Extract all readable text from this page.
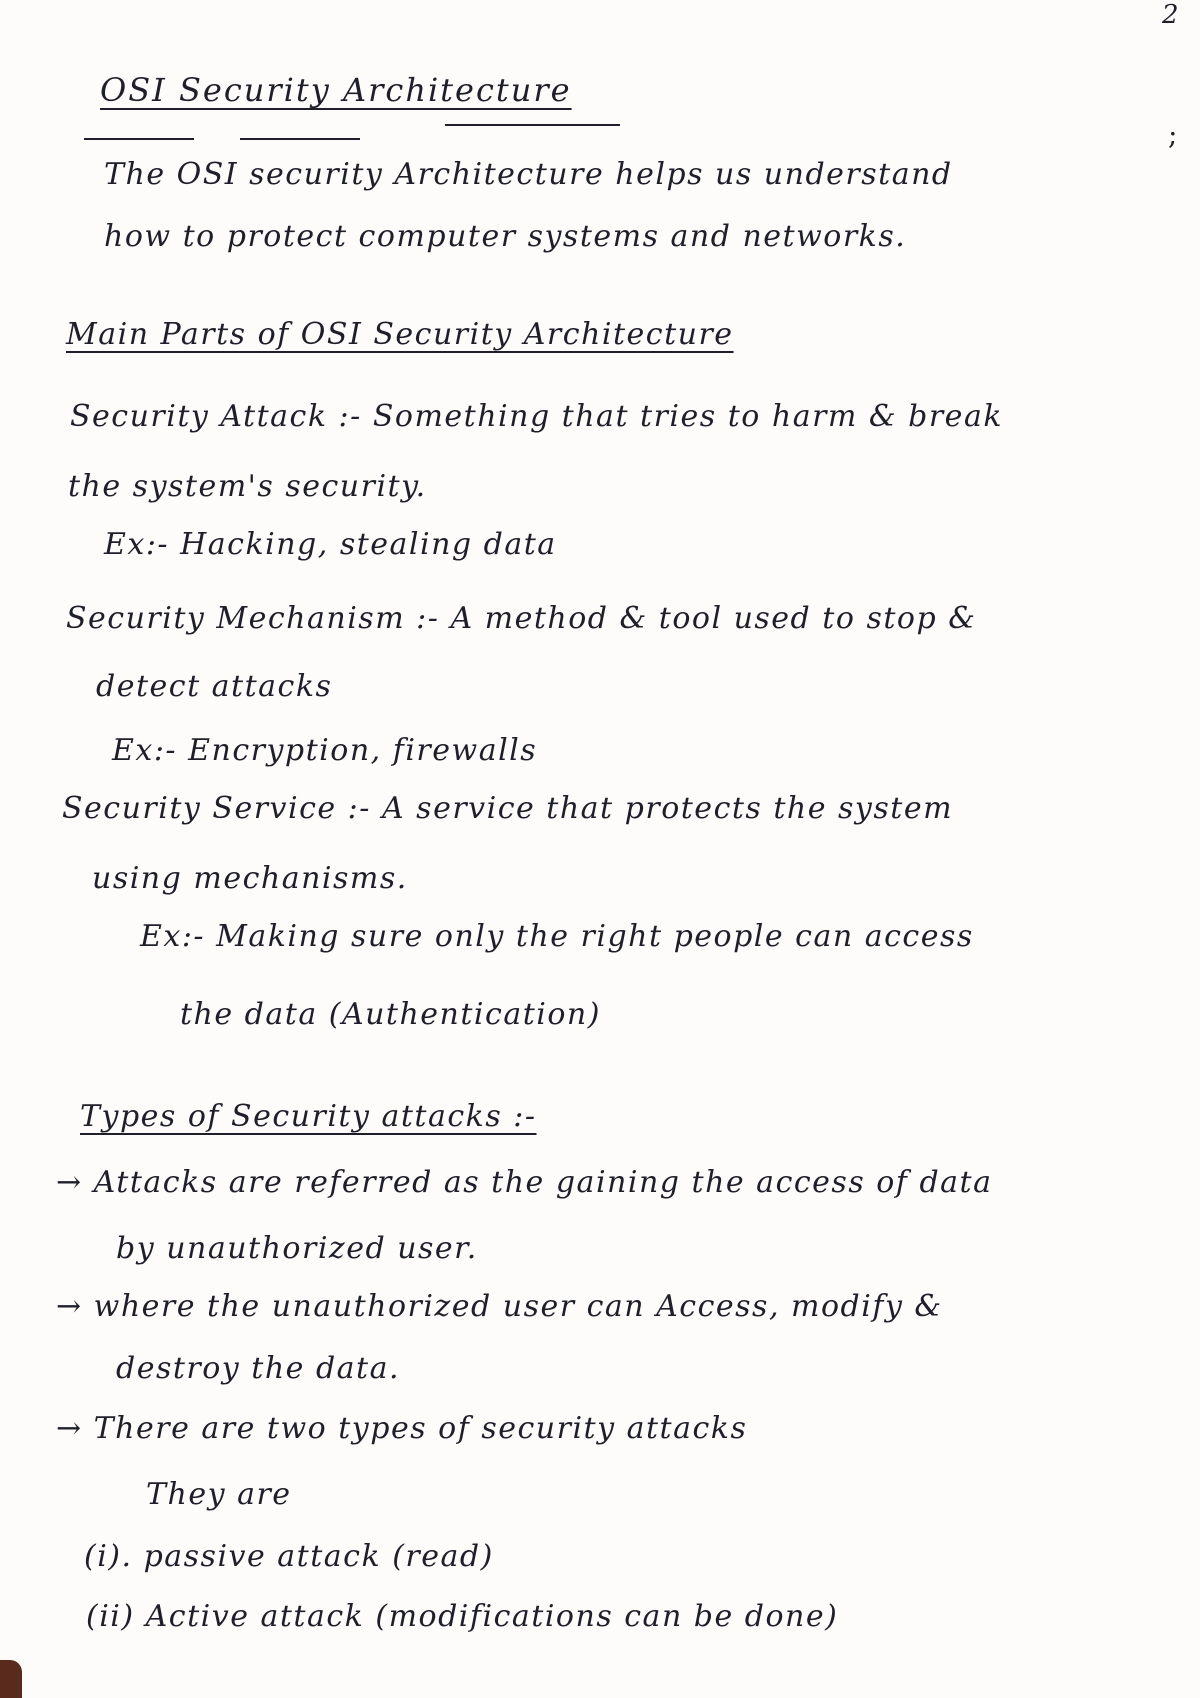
2
;
OSI Security Architecture
The OSI security Architecture helps us understand
how to protect computer systems and networks.
Main Parts of OSI Security Architecture
Security Attack :- Something that tries to harm & break
the system's security.
Ex:- Hacking, stealing data
Security Mechanism :- A method & tool used to stop &
detect attacks
Ex:- Encryption, firewalls
Security Service :- A service that protects the system
using mechanisms.
Ex:- Making sure only the right people can access
the data (Authentication)
Types of Security attacks :-
→ Attacks are referred as the gaining the access of data
by unauthorized user.
→ where the unauthorized user can Access, modify &
destroy the data.
→ There are two types of security attacks
They are
(i). passive attack (read)
(ii) Active attack (modifications can be done)
